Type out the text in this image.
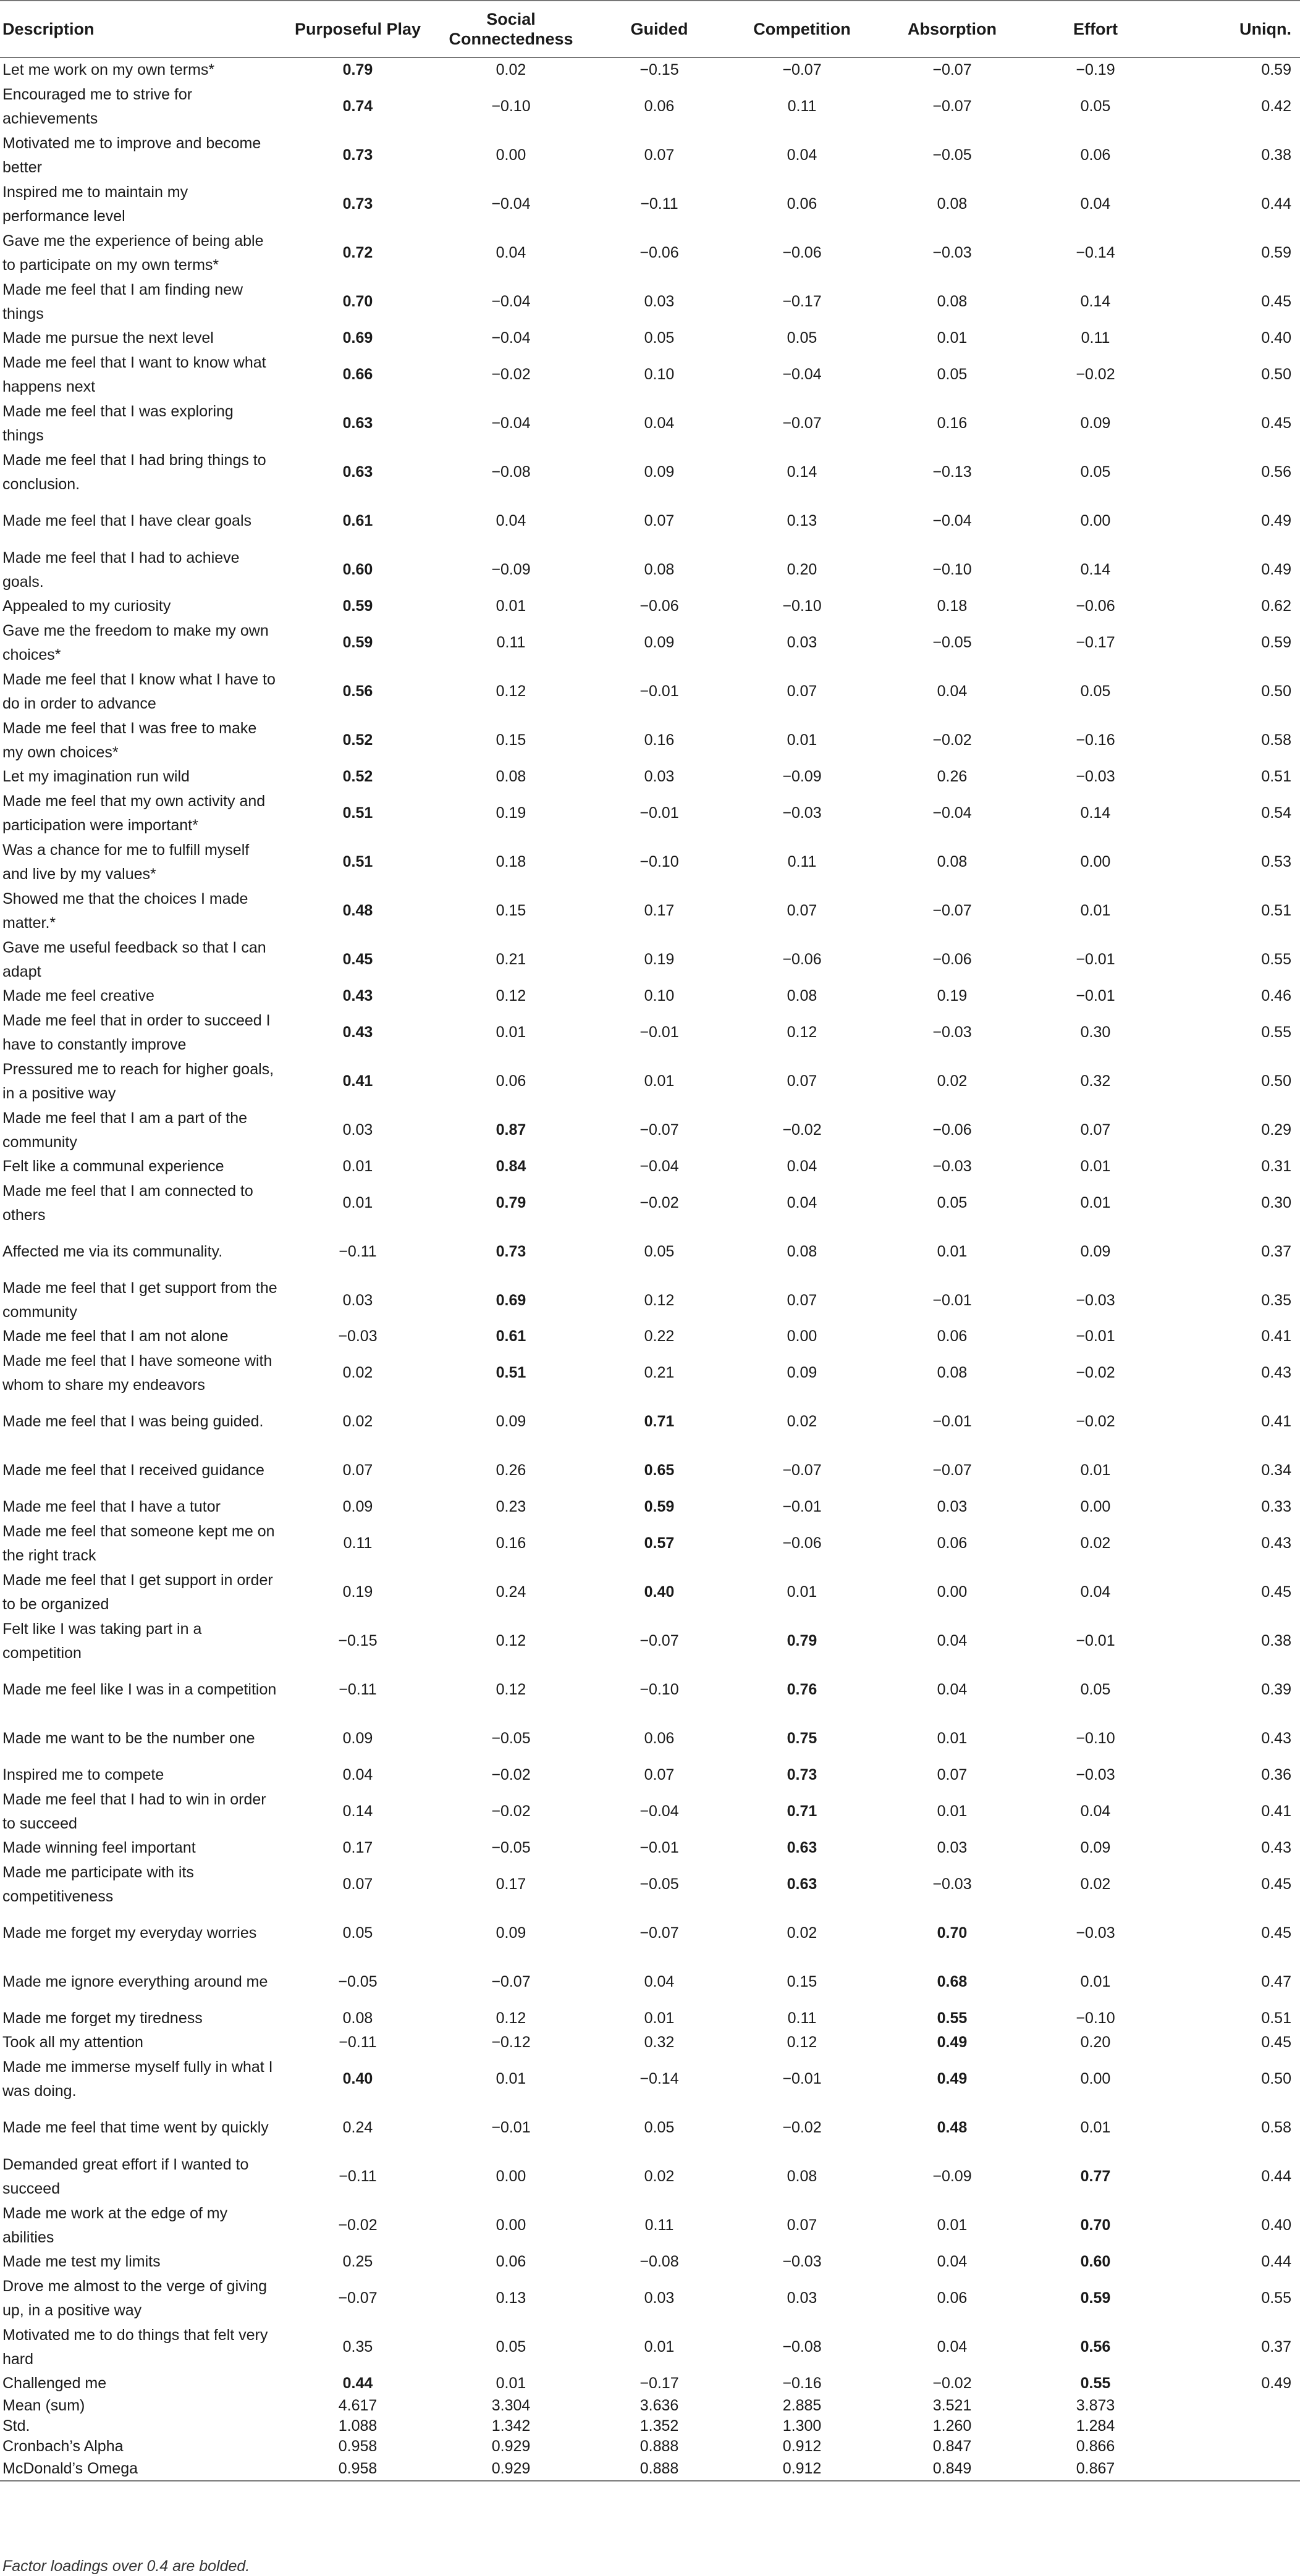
Description	Purposeful Play	Social Connectedness	Guided	Competition	Absorption	Effort	Uniqn.
Let me work on my own terms*	0.79	0.02	−0.15	−0.07	−0.07	−0.19	0.59
Encouraged me to strive for achievements	0.74	−0.10	0.06	0.11	−0.07	0.05	0.42
Motivated me to improve and become better	0.73	0.00	0.07	0.04	−0.05	0.06	0.38
Inspired me to maintain my performance level	0.73	−0.04	−0.11	0.06	0.08	0.04	0.44
Gave me the experience of being able to participate on my own terms*	0.72	0.04	−0.06	−0.06	−0.03	−0.14	0.59
Made me feel that I am finding new things	0.70	−0.04	0.03	−0.17	0.08	0.14	0.45
Made me pursue the next level	0.69	−0.04	0.05	0.05	0.01	0.11	0.40
Made me feel that I want to know what happens next	0.66	−0.02	0.10	−0.04	0.05	−0.02	0.50
Made me feel that I was exploring things	0.63	−0.04	0.04	−0.07	0.16	0.09	0.45
Made me feel that I had bring things to conclusion.	0.63	−0.08	0.09	0.14	−0.13	0.05	0.56
Made me feel that I have clear goals	0.61	0.04	0.07	0.13	−0.04	0.00	0.49
Made me feel that I had to achieve goals.	0.60	−0.09	0.08	0.20	−0.10	0.14	0.49
Appealed to my curiosity	0.59	0.01	−0.06	−0.10	0.18	−0.06	0.62
Gave me the freedom to make my own choices*	0.59	0.11	0.09	0.03	−0.05	−0.17	0.59
Made me feel that I know what I have to do in order to advance	0.56	0.12	−0.01	0.07	0.04	0.05	0.50
Made me feel that I was free to make my own choices*	0.52	0.15	0.16	0.01	−0.02	−0.16	0.58
Let my imagination run wild	0.52	0.08	0.03	−0.09	0.26	−0.03	0.51
Made me feel that my own activity and participation were important*	0.51	0.19	−0.01	−0.03	−0.04	0.14	0.54
Was a chance for me to fulfill myself and live by my values*	0.51	0.18	−0.10	0.11	0.08	0.00	0.53
Showed me that the choices I made matter.*	0.48	0.15	0.17	0.07	−0.07	0.01	0.51
Gave me useful feedback so that I can adapt	0.45	0.21	0.19	−0.06	−0.06	−0.01	0.55
Made me feel creative	0.43	0.12	0.10	0.08	0.19	−0.01	0.46
Made me feel that in order to succeed I have to constantly improve	0.43	0.01	−0.01	0.12	−0.03	0.30	0.55
Pressured me to reach for higher goals, in a positive way	0.41	0.06	0.01	0.07	0.02	0.32	0.50
Made me feel that I am a part of the community	0.03	0.87	−0.07	−0.02	−0.06	0.07	0.29
Felt like a communal experience	0.01	0.84	−0.04	0.04	−0.03	0.01	0.31
Made me feel that I am connected to others	0.01	0.79	−0.02	0.04	0.05	0.01	0.30
Affected me via its communality.	−0.11	0.73	0.05	0.08	0.01	0.09	0.37
Made me feel that I get support from the community	0.03	0.69	0.12	0.07	−0.01	−0.03	0.35
Made me feel that I am not alone	−0.03	0.61	0.22	0.00	0.06	−0.01	0.41
Made me feel that I have someone with whom to share my endeavors	0.02	0.51	0.21	0.09	0.08	−0.02	0.43
Made me feel that I was being guided.	0.02	0.09	0.71	0.02	−0.01	−0.02	0.41
Made me feel that I received guidance	0.07	0.26	0.65	−0.07	−0.07	0.01	0.34
Made me feel that I have a tutor	0.09	0.23	0.59	−0.01	0.03	0.00	0.33
Made me feel that someone kept me on the right track	0.11	0.16	0.57	−0.06	0.06	0.02	0.43
Made me feel that I get support in order to be organized	0.19	0.24	0.40	0.01	0.00	0.04	0.45
Felt like I was taking part in a competition	−0.15	0.12	−0.07	0.79	0.04	−0.01	0.38
Made me feel like I was in a competition	−0.11	0.12	−0.10	0.76	0.04	0.05	0.39
Made me want to be the number one	0.09	−0.05	0.06	0.75	0.01	−0.10	0.43
Inspired me to compete	0.04	−0.02	0.07	0.73	0.07	−0.03	0.36
Made me feel that I had to win in order to succeed	0.14	−0.02	−0.04	0.71	0.01	0.04	0.41
Made winning feel important	0.17	−0.05	−0.01	0.63	0.03	0.09	0.43
Made me participate with its competitiveness	0.07	0.17	−0.05	0.63	−0.03	0.02	0.45
Made me forget my everyday worries	0.05	0.09	−0.07	0.02	0.70	−0.03	0.45
Made me ignore everything around me	−0.05	−0.07	0.04	0.15	0.68	0.01	0.47
Made me forget my tiredness	0.08	0.12	0.01	0.11	0.55	−0.10	0.51
Took all my attention	−0.11	−0.12	0.32	0.12	0.49	0.20	0.45
Made me immerse myself fully in what I was doing.	0.40	0.01	−0.14	−0.01	0.49	0.00	0.50
Made me feel that time went by quickly	0.24	−0.01	0.05	−0.02	0.48	0.01	0.58
Demanded great effort if I wanted to succeed	−0.11	0.00	0.02	0.08	−0.09	0.77	0.44
Made me work at the edge of my abilities	−0.02	0.00	0.11	0.07	0.01	0.70	0.40
Made me test my limits	0.25	0.06	−0.08	−0.03	0.04	0.60	0.44
Drove me almost to the verge of giving up, in a positive way	−0.07	0.13	0.03	0.03	0.06	0.59	0.55
Motivated me to do things that felt very hard	0.35	0.05	0.01	−0.08	0.04	0.56	0.37
Challenged me	0.44	0.01	−0.17	−0.16	−0.02	0.55	0.49
Mean (sum)	4.617	3.304	3.636	2.885	3.521	3.873	
Std.	1.088	1.342	1.352	1.300	1.260	1.284	
Cronbach’s Alpha	0.958	0.929	0.888	0.912	0.847	0.866	
McDonald’s Omega	0.958	0.929	0.888	0.912	0.849	0.867	
Factor loadings over 0.4 are bolded.
